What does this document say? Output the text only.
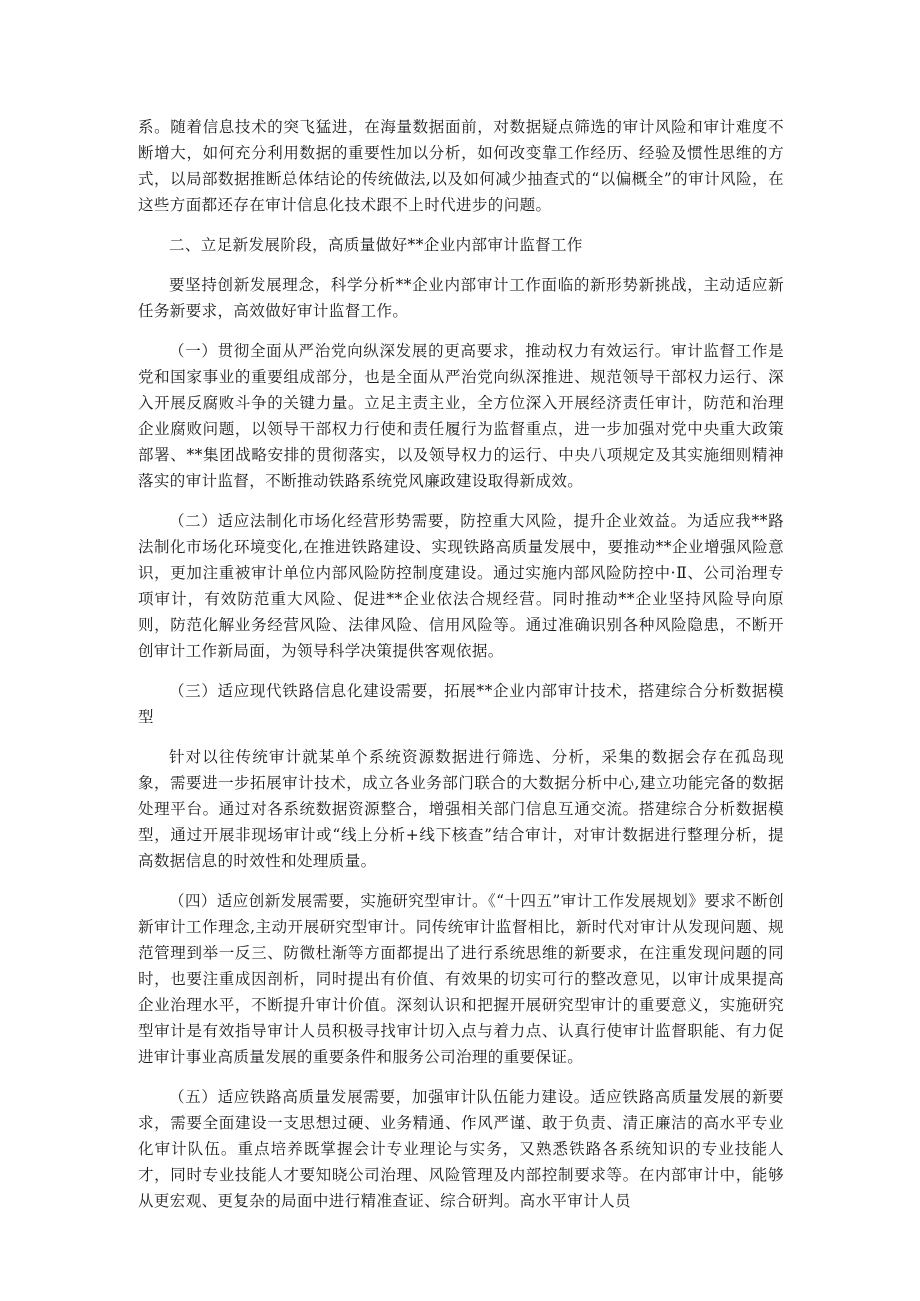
系。随着信息技术的突飞猛进，在海量数据面前，对数据疑点筛选的审计风险和审计难度不断增大，如何充分利用数据的重要性加以分析，如何改变靠工作经历、经验及惯性思维的方式，以局部数据推断总体结论的传统做法,以及如何减少抽查式的“以偏概全”的审计风险，在这些方面都还存在审计信息化技术跟不上时代进步的问题。

二、立足新发展阶段，高质量做好**企业内部审计监督工作

要坚持创新发展理念，科学分析**企业内部审计工作面临的新形势新挑战，主动适应新任务新要求，高效做好审计监督工作。

（一）贯彻全面从严治党向纵深发展的更高要求，推动权力有效运行。审计监督工作是党和国家事业的重要组成部分，也是全面从严治党向纵深推进、规范领导干部权力运行、深入开展反腐败斗争的关键力量。立足主责主业，全方位深入开展经济责任审计，防范和治理企业腐败问题，以领导干部权力行使和责任履行为监督重点，进一步加强对党中央重大政策部署、**集团战略安排的贯彻落实，以及领导权力的运行、中央八项规定及其实施细则精神落实的审计监督，不断推动铁路系统党风廉政建设取得新成效。

（二）适应法制化市场化经营形势需要，防控重大风险，提升企业效益。为适应我**路法制化市场化环境变化,在推进铁路建设、实现铁路高质量发展中，要推动**企业增强风险意识，更加注重被审计单位内部风险防控制度建设。通过实施内部风险防控中·Ⅱ、公司治理专项审计，有效防范重大风险、促进**企业依法合规经营。同时推动**企业坚持风险导向原则，防范化解业务经营风险、法律风险、信用风险等。通过准确识别各种风险隐患，不断开创审计工作新局面，为领导科学决策提供客观依据。

（三）适应现代铁路信息化建设需要，拓展**企业内部审计技术，搭建综合分析数据模型

针对以往传统审计就某单个系统资源数据进行筛选、分析，采集的数据会存在孤岛现象，需要进一步拓展审计技术，成立各业务部门联合的大数据分析中心,建立功能完备的数据处理平台。通过对各系统数据资源整合，增强相关部门信息互通交流。搭建综合分析数据模型，通过开展非现场审计或“线上分析+线下核查”结合审计，对审计数据进行整理分析，提高数据信息的时效性和处理质量。

（四）适应创新发展需要，实施研究型审计。《“十四五”审计工作发展规划》要求不断创新审计工作理念,主动开展研究型审计。同传统审计监督相比，新时代对审计从发现问题、规范管理到举一反三、防微杜渐等方面都提出了进行系统思维的新要求，在注重发现问题的同时，也要注重成因剖析，同时提出有价值、有效果的切实可行的整改意见，以审计成果提高企业治理水平，不断提升审计价值。深刻认识和把握开展研究型审计的重要意义，实施研究型审计是有效指导审计人员积极寻找审计切入点与着力点、认真行使审计监督职能、有力促进审计事业高质量发展的重要条件和服务公司治理的重要保证。

（五）适应铁路高质量发展需要，加强审计队伍能力建设。适应铁路高质量发展的新要求，需要全面建设一支思想过硬、业务精通、作风严谨、敢于负责、清正廉洁的高水平专业化审计队伍。重点培养既掌握会计专业理论与实务，又熟悉铁路各系统知识的专业技能人才，同时专业技能人才要知晓公司治理、风险管理及内部控制要求等。在内部审计中，能够从更宏观、更复杂的局面中进行精准查证、综合研判。高水平审计人员
